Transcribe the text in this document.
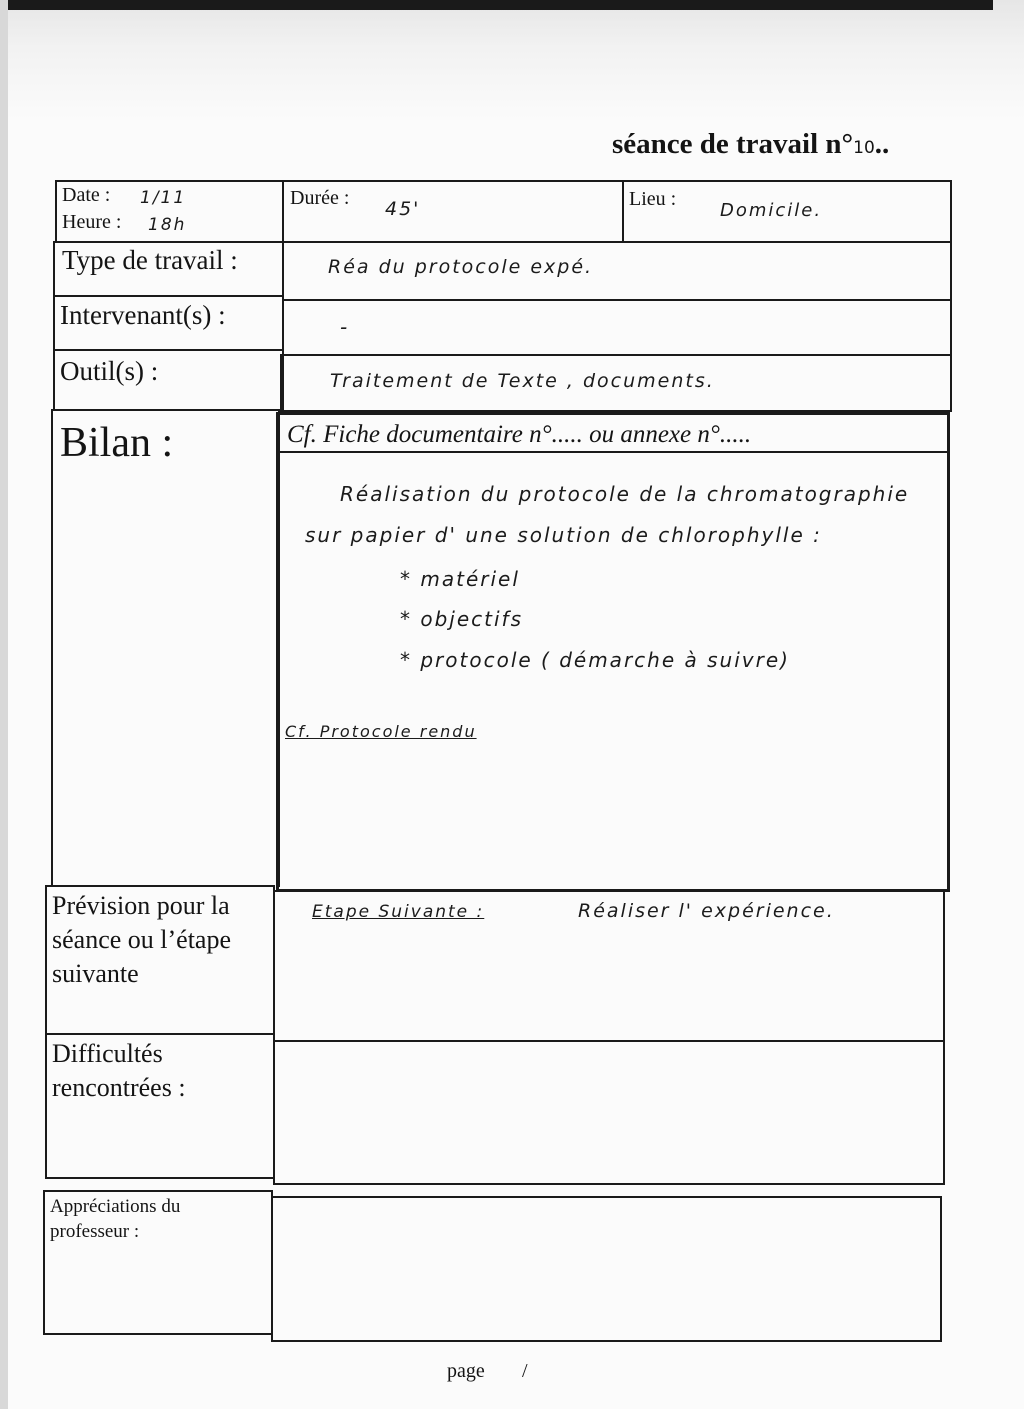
séance de travail n°10..
Date : 1/11
Heure : 18h
Durée : 45'	Lieu :
Domicile.
Type de travail :	Réa du protocole expé.
Intervenant(s) :	-
Outil(s) :	Traitement de Texte , documents.
Bilan :	Cf. Fiche documentaire n°..... ou annexe n°.....
Réalisation du protocole de la chromatographie
sur papier d' une solution de chlorophylle :
* matériel
* objectifs
* protocole ( démarche à suivre)
Cf. Protocole rendu
Prévision pour la
séance ou l’étape
suivante
Etape Suivante :	Réaliser l' expérience.
Difficultés
rencontrées :
Appréciations du
professeur :
page /
